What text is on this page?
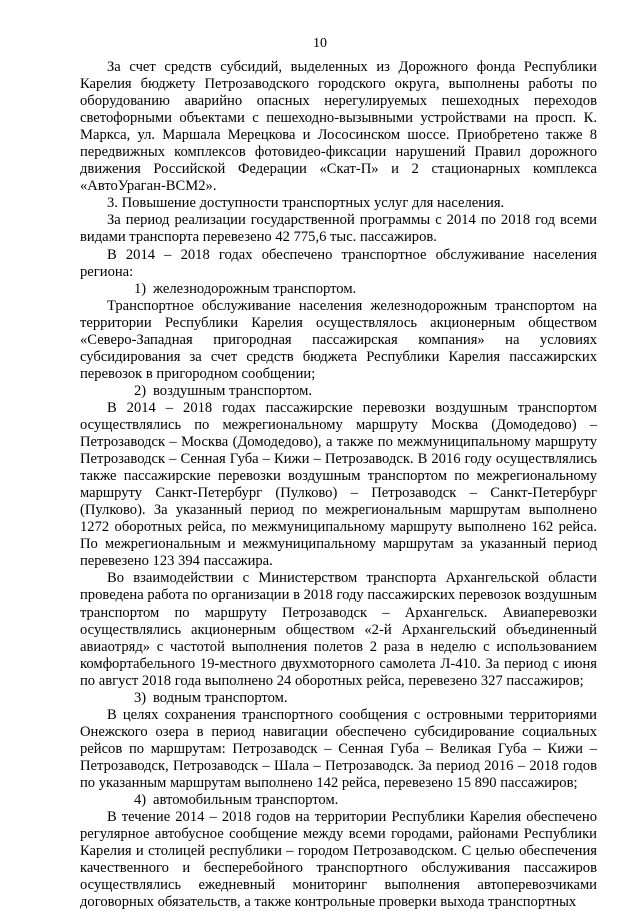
10

За счет средств субсидий, выделенных из Дорожного фонда Республики Карелия бюджету Петрозаводского городского округа, выполнены работы по оборудованию аварийно опасных нерегулируемых пешеходных переходов светофорными объектами с пешеходно-вызывными устройствами на просп. К. Маркса, ул. Маршала Мерецкова и Лососинском шоссе. Приобретено также 8 передвижных комплексов фотовидео-фиксации нарушений Правил дорожного движения Российской Федерации «Скат-П» и 2 стационарных комплекса «АвтоУраган-ВСМ2».

3. Повышение доступности транспортных услуг для населения.

За период реализации государственной программы с 2014 по 2018 год всеми видами транспорта перевезено 42 775,6 тыс. пассажиров.

В 2014 – 2018 годах обеспечено транспортное обслуживание населения региона:

1) железнодорожным транспортом.

Транспортное обслуживание населения железнодорожным транспортом на территории Республики Карелия осуществлялось акционерным обществом «Северо-Западная пригородная пассажирская компания» на условиях субсидирования за счет средств бюджета Республики Карелия пассажирских перевозок в пригородном сообщении;

2) воздушным транспортом.

В 2014 – 2018 годах пассажирские перевозки воздушным транспортом осуществлялись по межрегиональному маршруту Москва (Домодедово) – Петрозаводск – Москва (Домодедово), а также по межмуниципальному маршруту Петрозаводск – Сенная Губа – Кижи – Петрозаводск. В 2016 году осуществлялись также пассажирские перевозки воздушным транспортом по межрегиональному маршруту Санкт-Петербург (Пулково) – Петрозаводск – Санкт-Петербург (Пулково). За указанный период по межрегиональным маршрутам выполнено 1272 оборотных рейса, по межмуниципальному маршруту выполнено 162 рейса. По межрегиональным и межмуниципальному маршрутам за указанный период перевезено 123 394 пассажира.

Во взаимодействии с Министерством транспорта Архангельской области проведена работа по организации в 2018 году пассажирских перевозок воздушным транспортом по маршруту Петрозаводск – Архангельск. Авиаперевозки осуществлялись акционерным обществом «2-й Архангельский объединенный авиаотряд» с частотой выполнения полетов 2 раза в неделю с использованием комфортабельного 19-местного двухмоторного самолета Л-410. За период с июня по август 2018 года выполнено 24 оборотных рейса, перевезено 327 пассажиров;

3) водным транспортом.

В целях сохранения транспортного сообщения с островными территориями Онежского озера в период навигации обеспечено субсидирование социальных рейсов по маршрутам: Петрозаводск – Сенная Губа – Великая Губа – Кижи – Петрозаводск, Петрозаводск – Шала – Петрозаводск. За период 2016 – 2018 годов по указанным маршрутам выполнено 142 рейса, перевезено 15 890 пассажиров;

4) автомобильным транспортом.

В течение 2014 – 2018 годов на территории Республики Карелия обеспечено регулярное автобусное сообщение между всеми городами, районами Республики Карелия и столицей республики – городом Петрозаводском. С целью обеспечения качественного и бесперебойного транспортного обслуживания пассажиров осуществлялись ежедневный мониторинг выполнения автоперевозчиками договорных обязательств, а также контрольные проверки выхода транспортных
